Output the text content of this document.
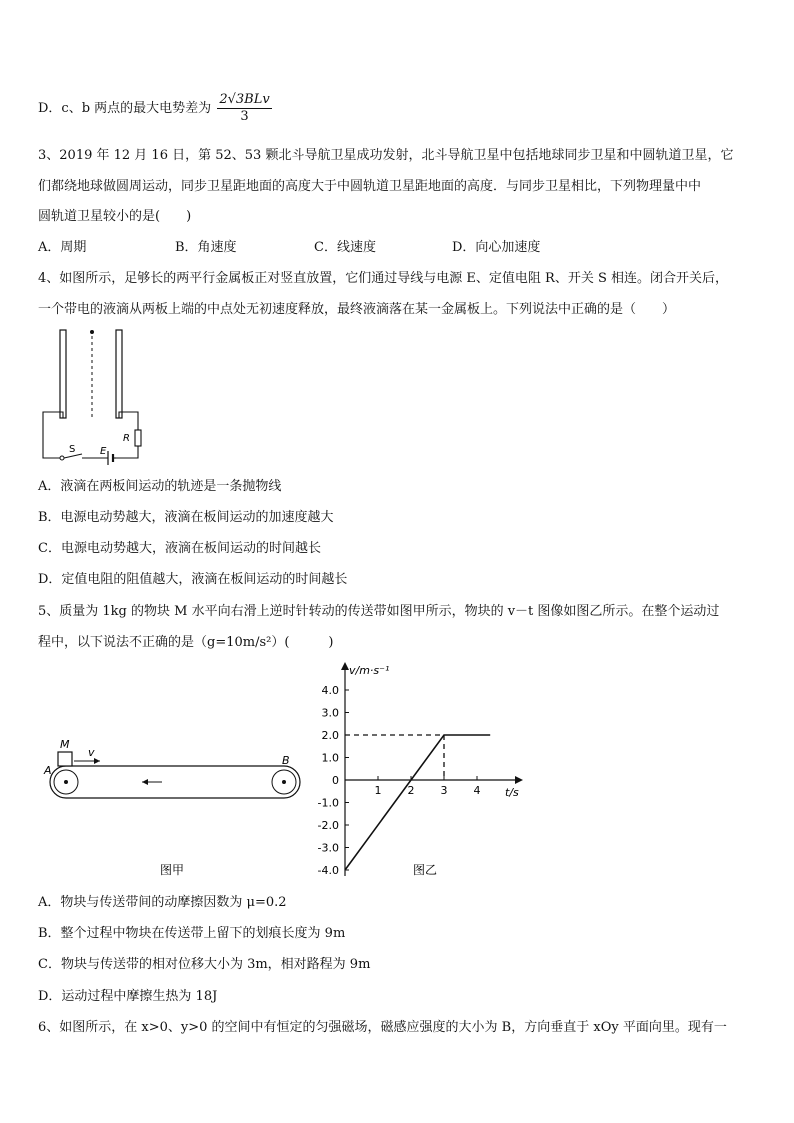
D．c、b 两点的最大电势差为 $\frac{\text{2√3BLv}}{3}$
3、2019 年 12 月 16 日，第 52、53 颗北斗导航卫星成功发射，北斗导航卫星中包括地球同步卫星和中圆轨道卫星，它
们都绕地球做圆周运动，同步卫星距地面的高度大于中圆轨道卫星距地面的高度．与同步卫星相比，下列物理量中中
圆轨道卫星较小的是(　　)
A．周期	B．角速度	C．线速度	D．向心加速度
4、如图所示，足够长的两平行金属板正对竖直放置，它们通过导线与电源 E、定值电阻 R、开关 S 相连。闭合开关后，
一个带电的液滴从两板上端的中点处无初速度释放，最终液滴落在某一金属板上。下列说法中正确的是（　　）
S E
R
A．液滴在两板间运动的轨迹是一条抛物线
B．电源电动势越大，液滴在板间运动的加速度越大
C．电源电动势越大，液滴在板间运动的时间越长
D．定值电阻的阻值越大，液滴在板间运动的时间越长
5、质量为 1kg 的物块 M 水平向右滑上逆时针转动的传送带如图甲所示，物块的 v－t 图像如图乙所示。在整个运动过
程中，以下说法不正确的是（g=10m/s²）(　　　)
M
v
A
B
图甲
v/m·s⁻¹
t/s
图乙
4.0
3.0
2.0
1.0
0
-1.0
-2.0
-3.0
-4.0
1 2 3 4
A．物块与传送带间的动摩擦因数为 μ=0.2
B．整个过程中物块在传送带上留下的划痕长度为 9m
C．物块与传送带的相对位移大小为 3m，相对路程为 9m
D．运动过程中摩擦生热为 18J
6、如图所示，在 x>0、y>0 的空间中有恒定的匀强磁场，磁感应强度的大小为 B，方向垂直于 xOy 平面向里。现有一
